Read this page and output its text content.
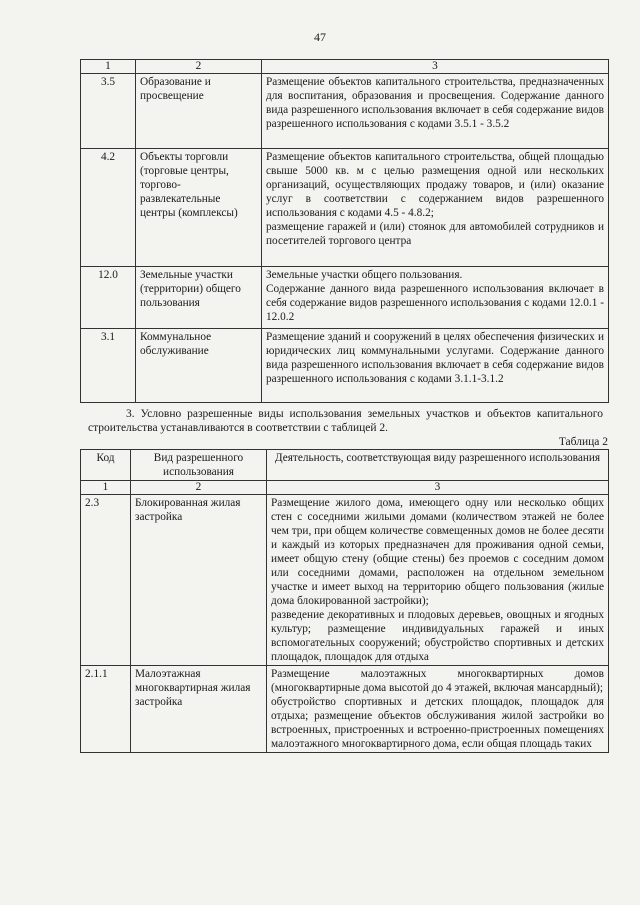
47
1	2	3
3.5	Образование и просвещение	Размещение объектов капитального строительства, предназначенных для воспитания, образования и просвещения. Содержание данного вида разрешенного использования включает в себя содержание видов разрешенного использования с кодами 3.5.1 - 3.5.2

4.2	Объекты торговли (торговые центры, торгово-развлекательные центры (комплексы)	Размещение объектов капитального строительства, общей площадью свыше 5000 кв. м с целью размещения одной или нескольких организаций, осуществляющих продажу товаров, и (или) оказание услуг в соответствии с содержанием видов разрешенного использования с кодами 4.5 - 4.8.2;
размещение гаражей и (или) стоянок для автомобилей сотрудников и посетителей торгового центра

12.0	Земельные участки (территории) общего пользования	Земельные участки общего пользования.
Содержание данного вида разрешенного использования включает в себя содержание видов разрешенного использования с кодами 12.0.1 - 12.0.2

3.1	Коммунальное обслуживание	Размещение зданий и сооружений в целях обеспечения физических и юридических лиц коммунальными услугами. Содержание данного вида разрешенного использования включает в себя содержание видов разрешенного использования с кодами 3.1.1-3.1.2
3. Условно разрешенные виды использования земельных участков и объектов капитального строительства устанавливаются в соответствии с таблицей 2.
Таблица 2
Код	Вид разрешенного использования	Деятельность, соответствующая виду разрешенного использования
1	2	3
2.3	Блокированная жилая застройка	Размещение жилого дома, имеющего одну или несколько общих стен с соседними жилыми домами (количеством этажей не более чем три, при общем количестве совмещенных домов не более десяти и каждый из которых предназначен для проживания одной семьи, имеет общую стену (общие стены) без проемов с соседним домом или соседними домами, расположен на отдельном земельном участке и имеет выход на территорию общего пользования (жилые дома блокированной застройки);
разведение декоративных и плодовых деревьев, овощных и ягодных культур; размещение индивидуальных гаражей и иных вспомогательных сооружений; обустройство спортивных и детских площадок, площадок для отдыха

2.1.1	Малоэтажная многоквартирная жилая застройка	Размещение малоэтажных многоквартирных домов (многоквартирные дома высотой до 4 этажей, включая мансардный);
обустройство спортивных и детских площадок, площадок для отдыха; размещение объектов обслуживания жилой застройки во встроенных, пристроенных и встроенно-пристроенных помещениях малоэтажного многоквартирного дома, если общая площадь таких
